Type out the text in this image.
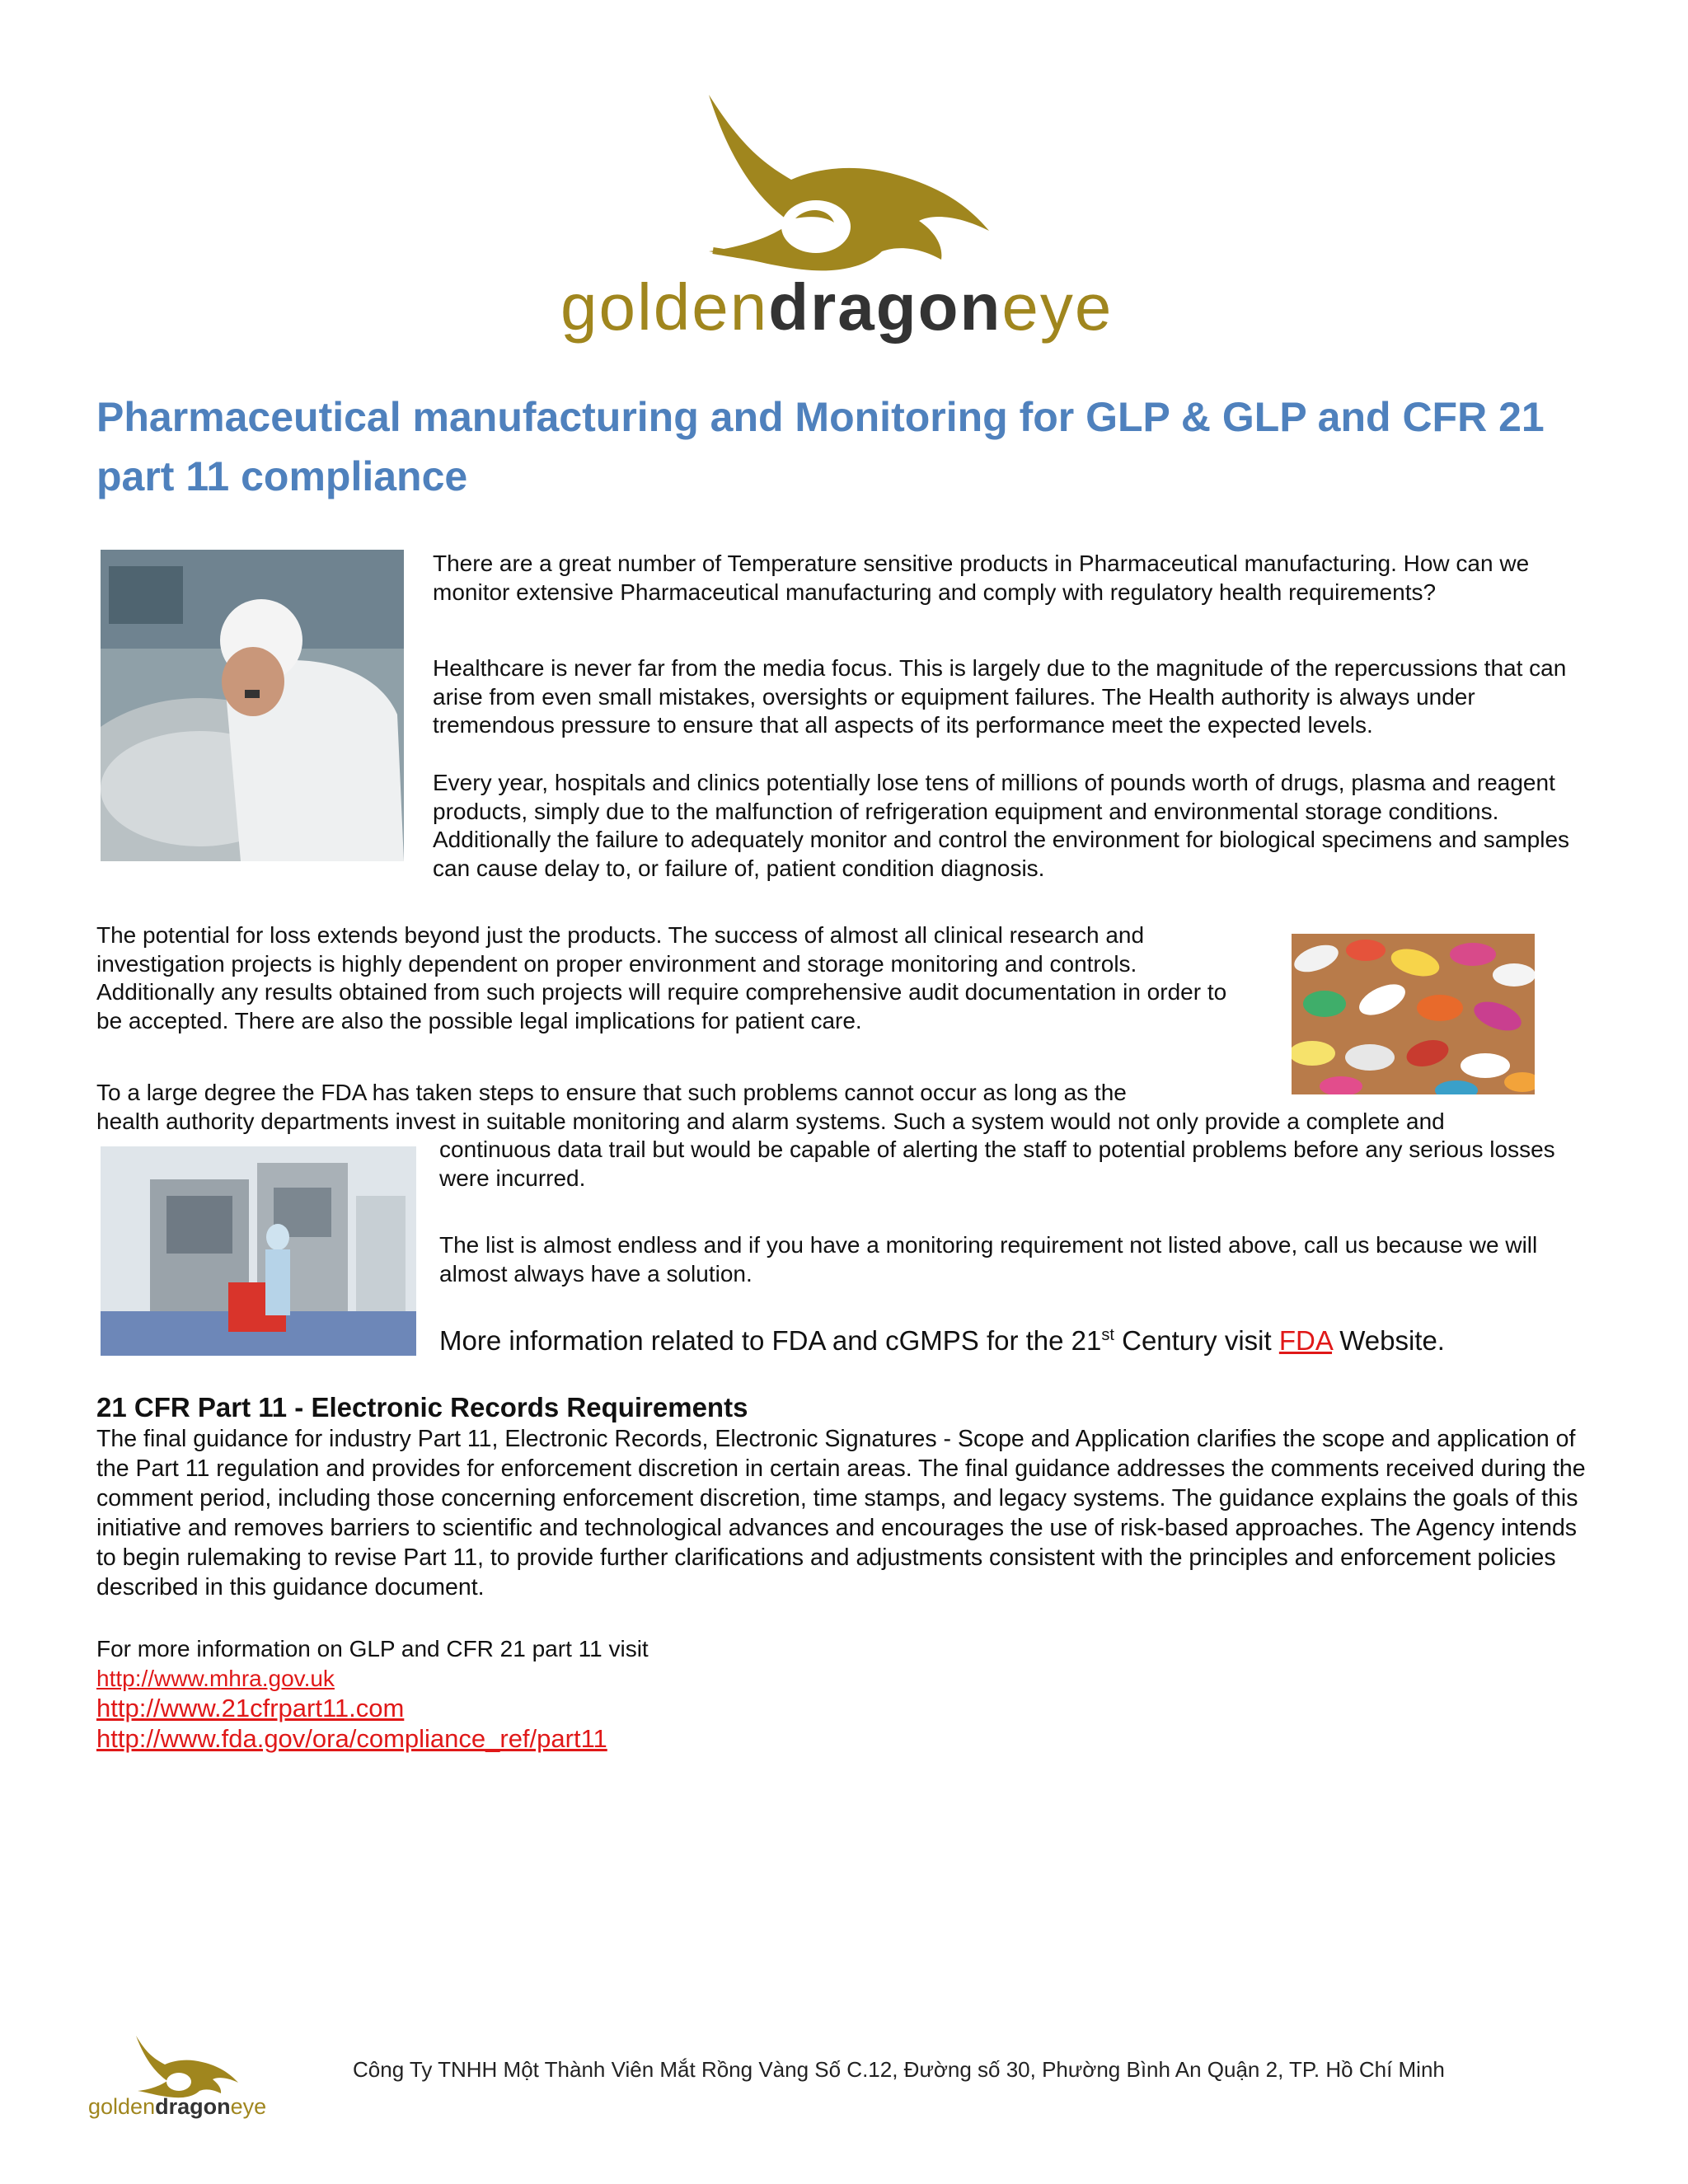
goldendragoneye
Pharmaceutical manufacturing and Monitoring for GLP & GLP and CFR 21 part 11 compliance
There are a great number of Temperature sensitive products in Pharmaceutical manufacturing. How can we monitor extensive Pharmaceutical manufacturing and comply with regulatory health requirements?
Healthcare is never far from the media focus. This is largely due to the magnitude of the repercussions that can arise from even small mistakes, oversights or equipment failures. The Health authority is always under tremendous pressure to ensure that all aspects of its performance meet the expected levels.
Every year, hospitals and clinics potentially lose tens of millions of pounds worth of drugs, plasma and reagent products, simply due to the malfunction of refrigeration equipment and environmental storage conditions. Additionally the failure to adequately monitor and control the environment for biological specimens and samples can cause delay to, or failure of, patient condition diagnosis.
The potential for loss extends beyond just the products. The success of almost all clinical research and investigation projects is highly dependent on proper environment and storage monitoring and controls. Additionally any results obtained from such projects will require comprehensive audit documentation in order to be accepted. There are also the possible legal implications for patient care.
To a large degree the FDA has taken steps to ensure that such problems cannot occur as long as the
health authority departments invest in suitable monitoring and alarm systems. Such a system would not only provide a complete and
continuous data trail but would be capable of alerting the staff to potential problems before any serious losses were incurred.
The list is almost endless and if you have a monitoring requirement not listed above, call us because we will almost always have a solution.
More information related to FDA and cGMPS for the 21st Century visit FDA Website.
21 CFR Part 11 - Electronic Records Requirements
The final guidance for industry Part 11, Electronic Records, Electronic Signatures - Scope and Application clarifies the scope and application of the Part 11 regulation and provides for enforcement discretion in certain areas. The final guidance addresses the comments received during the comment period, including those concerning enforcement discretion, time stamps, and legacy systems. The guidance explains the goals of this initiative and removes barriers to scientific and technological advances and encourages the use of risk-based approaches. The Agency intends to begin rulemaking to revise Part 11, to provide further clarifications and adjustments consistent with the principles and enforcement policies described in this guidance document.
For more information on GLP and CFR 21 part 11 visit
http://www.mhra.gov.uk
http://www.21cfrpart11.com
http://www.fda.gov/ora/compliance_ref/part11
goldendragoneye
Công Ty TNHH Một Thành Viên Mắt Rồng Vàng Số C.12, Đường số 30, Phường Bình An Quận 2, TP. Hồ Chí Minh
